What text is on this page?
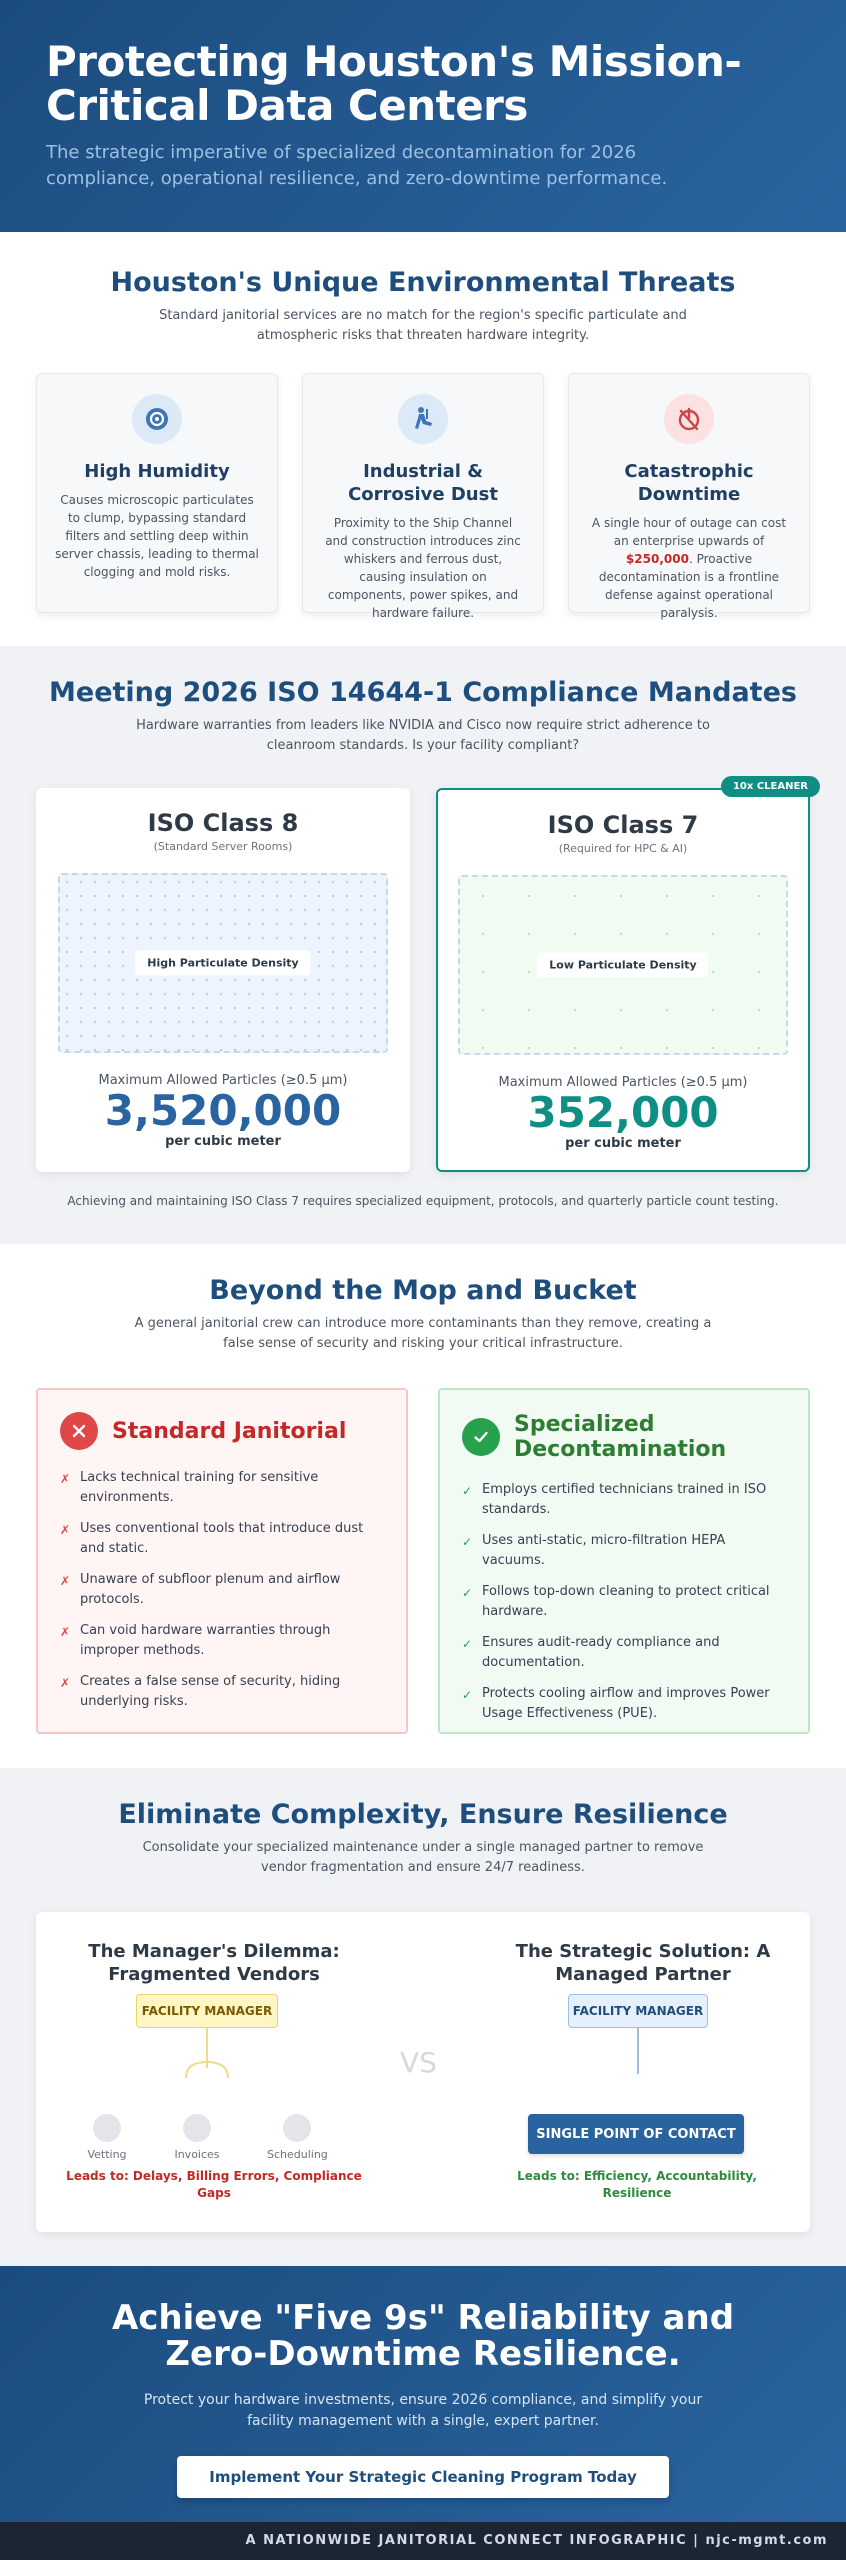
Protecting Houston's Mission-Critical Data Centers

The strategic imperative of specialized decontamination for 2026 compliance, operational resilience, and zero-downtime performance.

Houston's Unique Environmental Threats

Standard janitorial services are no match for the region's specific particulate and atmospheric risks that threaten hardware integrity.

High Humidity

Causes microscopic particulates to clump, bypassing standard filters and settling deep within server chassis, leading to thermal clogging and mold risks.

Industrial & Corrosive Dust

Proximity to the Ship Channel and construction introduces zinc whiskers and ferrous dust, causing insulation on components, power spikes, and hardware failure.

Catastrophic Downtime

A single hour of outage can cost an enterprise upwards of $250,000. Proactive decontamination is a frontline defense against operational paralysis.

Meeting 2026 ISO 14644-1 Compliance Mandates

Hardware warranties from leaders like NVIDIA and Cisco now require strict adherence to cleanroom standards. Is your facility compliant?

Achieving and maintaining ISO Class 7 requires specialized equipment, protocols, and quarterly particle count testing.

ISO Class 8
(Standard Server Rooms)
High Particulate Density
Maximum Allowed Particles (≥0.5 µm)
3,520,000
per cubic meter
10x CLEANER
ISO Class 7
(Required for HPC & AI)
Low Particulate Density
Maximum Allowed Particles (≥0.5 µm)
352,000
per cubic meter
Beyond the Mop and Bucket

A general janitorial crew can introduce more contaminants than they remove, creating a false sense of security and risking your critical infrastructure.

Standard Janitorial
✗ Lacks technical training for sensitive environments.
✗ Uses conventional tools that introduce dust and static.
✗ Unaware of subfloor plenum and airflow protocols.
✗ Can void hardware warranties through improper methods.
✗ Creates a false sense of security, hiding underlying risks.
Specialized Decontamination
✓ Employs certified technicians trained in ISO standards.
✓ Uses anti-static, micro-filtration HEPA vacuums.
✓ Follows top-down cleaning to protect critical hardware.
✓ Ensures audit-ready compliance and documentation.
✓ Protects cooling airflow and improves Power Usage Effectiveness (PUE).
Eliminate Complexity, Ensure Resilience

Consolidate your specialized maintenance under a single managed partner to remove vendor fragmentation and ensure 24/7 readiness.

The Manager's Dilemma: Fragmented Vendors
The Strategic Solution: A Managed Partner
FACILITY MANAGER
VS
FACILITY MANAGER
SINGLE POINT OF CONTACT
Leads to: Delays, Billing Errors, Compliance Gaps
Leads to: Efficiency, Accountability, Resilience
Vetting	Invoices	Scheduling
Achieve "Five 9s" Reliability and Zero-Downtime Resilience.

Protect your hardware investments, ensure 2026 compliance, and simplify your facility management with a single, expert partner.

Implement Your Strategic Cleaning Program Today
A NATIONWIDE JANITORIAL CONNECT INFOGRAPHIC | njc-mgmt.com
